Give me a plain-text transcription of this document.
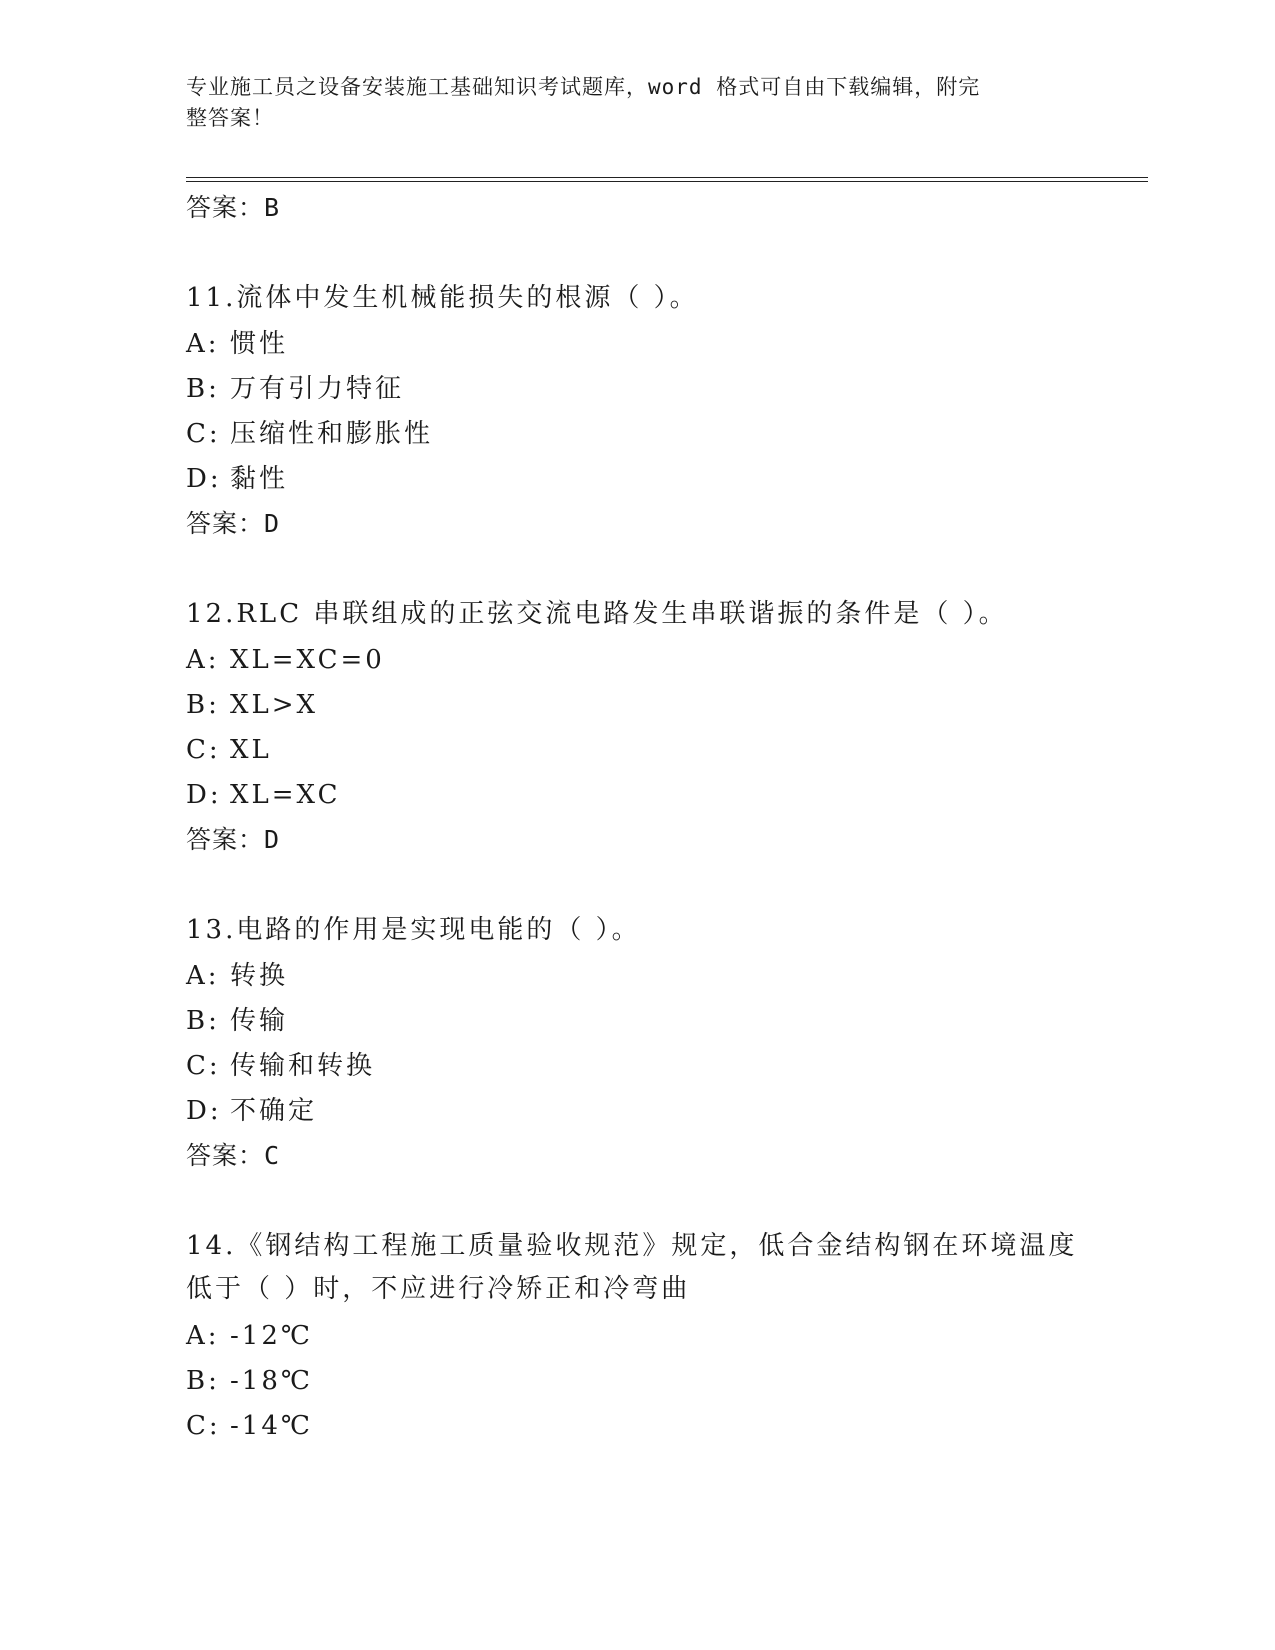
专业施工员之设备安装施工基础知识考试题库，word 格式可自由下载编辑，附完
整答案！
答案：B
11.流体中发生机械能损失的根源（ ）。
A: 惯性
B: 万有引力特征
C: 压缩性和膨胀性
D: 黏性
答案：D
12.RLC 串联组成的正弦交流电路发生串联谐振的条件是（ ）。
A: XL=XC=0
B: XL>X
C: XL
D: XL=XC
答案：D
13.电路的作用是实现电能的（ ）。
A: 转换
B: 传输
C: 传输和转换
D: 不确定
答案：C
14.《钢结构工程施工质量验收规范》规定，低合金结构钢在环境温度
低于（ ）时，不应进行冷矫正和冷弯曲
A: -12℃
B: -18℃
C: -14℃
